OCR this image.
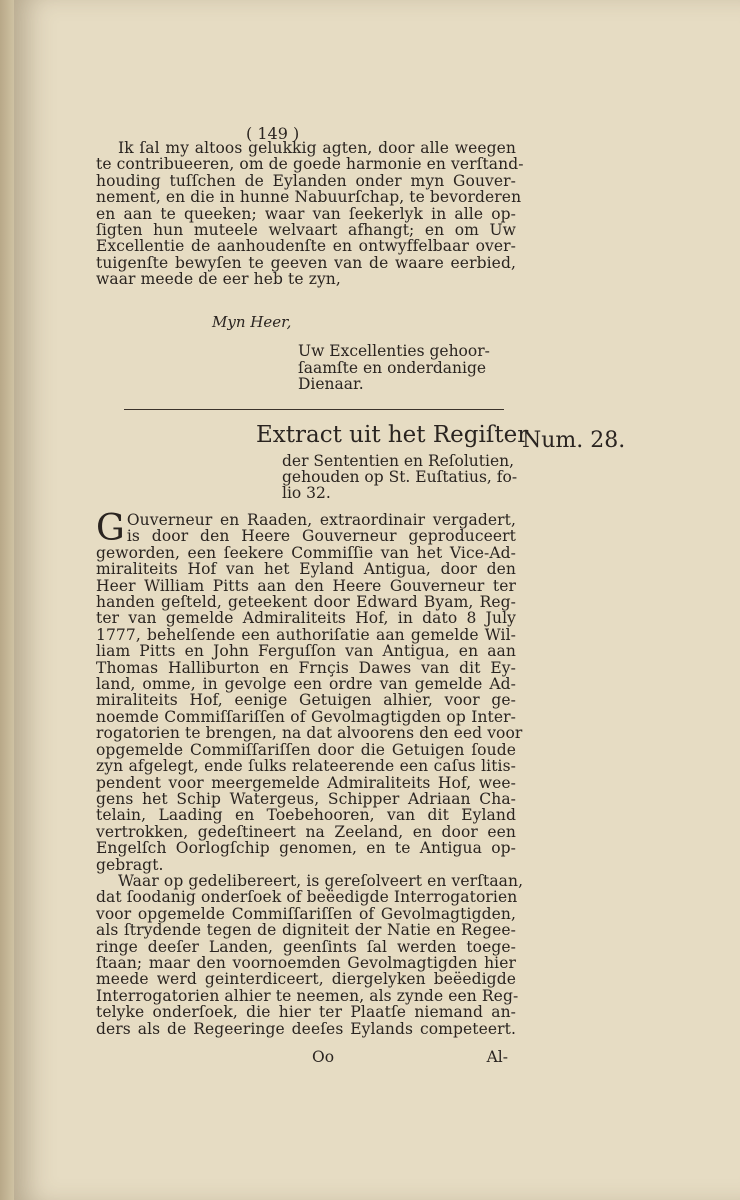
( 149 )
Ik ſal my altoos gelukkig agten, door alle weegen
te contribueeren, om de goede harmonie en verſtand-
houding tuſſchen de Eylanden onder myn Gouver-
nement, en die in hunne Nabuurſchap, te bevorderen
en aan te queeken; waar van ſeekerlyk in alle op-
ſigten hun muteele welvaart afhangt; en om Uw
Excellentie de aanhoudenſte en ontwyffelbaar over-
tuigenſte bewyſen te geeven van de waare eerbied,
waar meede de eer heb te zyn,
Myn Heer,
Uw Excellenties gehoor-
ſaamſte en onderdanige
Dienaar.
Extract uit het Regiſter
Num. 28.
der Sententien en Reſolutien,
gehouden op St. Euſtatius, fo-
lio 32.
G Ouverneur en Raaden, extraordinair vergadert,
is door den Heere Gouverneur geproduceert
geworden, een ſeekere Commiſſie van het Vice-Ad-
miraliteits Hof van het Eyland Antigua, door den
Heer William Pitts aan den Heere Gouverneur ter
handen geſteld, geteekent door Edward Byam, Reg-
ter van gemelde Admiraliteits Hof, in dato 8 July
1777, behelſende een authoriſatie aan gemelde Wil-
liam Pitts en John Ferguſſon van Antigua, en aan
Thomas Halliburton en Frnçis Dawes van dit Ey-
land, omme, in gevolge een ordre van gemelde Ad-
miraliteits Hof, eenige Getuigen alhier, voor ge-
noemde Commiſſariſſen of Gevolmagtigden op Inter-
rogatorien te brengen, na dat alvoorens den eed voor
opgemelde Commiſſariſſen door die Getuigen ſoude
zyn afgelegt, ende ſulks relateerende een caſus litis-
pendent voor meergemelde Admiraliteits Hof, wee-
gens het Schip Watergeus, Schipper Adriaan Cha-
telain, Laading en Toebehooren, van dit Eyland
vertrokken, gedeſtineert na Zeeland, en door een
Engelſch Oorlogſchip genomen, en te Antigua op-
gebragt.
Waar op gedelibereert, is gereſolveert en verſtaan,
dat ſoodanig onderſoek of beëedigde Interrogatorien
voor opgemelde Commiſſariſſen of Gevolmagtigden,
als ſtrydende tegen de digniteit der Natie en Regee-
ringe deeſer Landen, geenſints ſal werden toege-
ſtaan; maar den voornoemden Gevolmagtigden hier
meede werd geinterdiceert, diergelyken beëedigde
Interrogatorien alhier te neemen, als zynde een Reg-
telyke onderſoek, die hier ter Plaatſe niemand an-
ders als de Regeeringe deeſes Eylands competeert.
Oo	Al-
